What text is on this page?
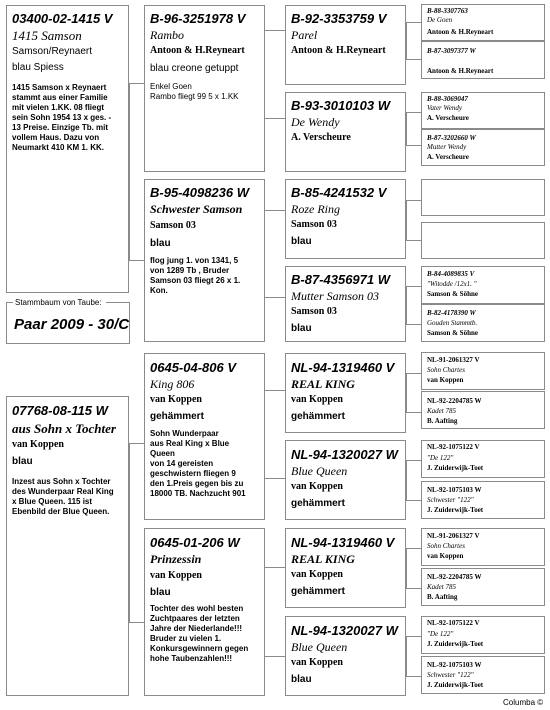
03400-02-1415 V
1415 Samson
Samson/Reynaert
blau Spiess
1415 Samson x Reynaert
stammt aus einer Familie
mit vielen 1.KK. 08 fliegt
sein Sohn 1954 13 x ges. -
13 Preise. Einzige Tb. mit
vollem Haus. Dazu von
Neumarkt 410 KM 1. KK.
Stammbaum von Taube:
Paar 2009 - 30/C
07768-08-115 W
aus Sohn x Tochter
van Koppen
blau
Inzest aus Sohn x Tochter
des Wunderpaar Real King
x Blue Queen. 115 ist
Ebenbild der Blue Queen.
B-96-3251978 V
Rambo
Antoon & H.Reyneart
blau creone getuppt
Enkel Goen
Rambo fliegt 99 5 x 1.KK
B-95-4098236 W
Schwester Samson
Samson 03
blau
flog jung 1. von 1341, 5
von 1289 Tb , Bruder
Samson 03 fliegt 26 x 1.
Kon.
0645-04-806 V
King 806
van Koppen
gehämmert
Sohn Wunderpaar
aus Real King x Blue
Queen
von 14 gereisten
geschwistern fliegen 9
den 1.Preis gegen bis zu
18000 TB. Nachzucht 901
0645-01-206 W
Prinzessin
van Koppen
blau
Tochter des wohl besten
Zuchtpaares der letzten
Jahre der Niederlande!!!
Bruder zu vielen 1.
Konkursgewinnern gegen
hohe Taubenzahlen!!!
B-92-3353759 V
Parel
Antoon & H.Reyneart
B-93-3010103 W
De Wendy
A. Verscheure
B-85-4241532 V
Roze Ring
Samson 03
blau
B-87-4356971 W
Mutter Samson 03
Samson 03
blau
NL-94-1319460 V
REAL KING
van Koppen
gehämmert
NL-94-1320027 W
Blue Queen
van Koppen
gehämmert
NL-94-1319460 V
REAL KING
van Koppen
gehämmert
NL-94-1320027 W
Blue Queen
van Koppen
blau
B-88-3307763
De Goen
Antoon & H.Reyneart
B-87-3097377 W
Antoon & H.Reyneart
B-88-3069047
Vater Wendy
A. Verscheure
B-87-3202660 W
Mutter Wendy
A. Verscheure
B-84-4089835 V
"Witodde /12x1. "
Samson & Söhne
B-82-4178390 W
Gouden Stammtb.
Samson & Söhne
NL-91-2061327 V
Sohn Chartes
van Koppen
NL-92-2204785 W
Kadet 785
B. Aafting
NL-92-1075122 V
"De 122"
J. Zuiderwijk-Toet
NL-92-1075103 W
Schwester "122"
J. Zuiderwijk-Toet
NL-91-2061327 V
Sohn Chartes
van Koppen
NL-92-2204785 W
Kadet 785
B. Aafting
NL-92-1075122 V
"De 122"
J. Zuiderwijk-Toet
NL-92-1075103 W
Schwester "122"
J. Zuiderwijk-Toet
Columba ©
